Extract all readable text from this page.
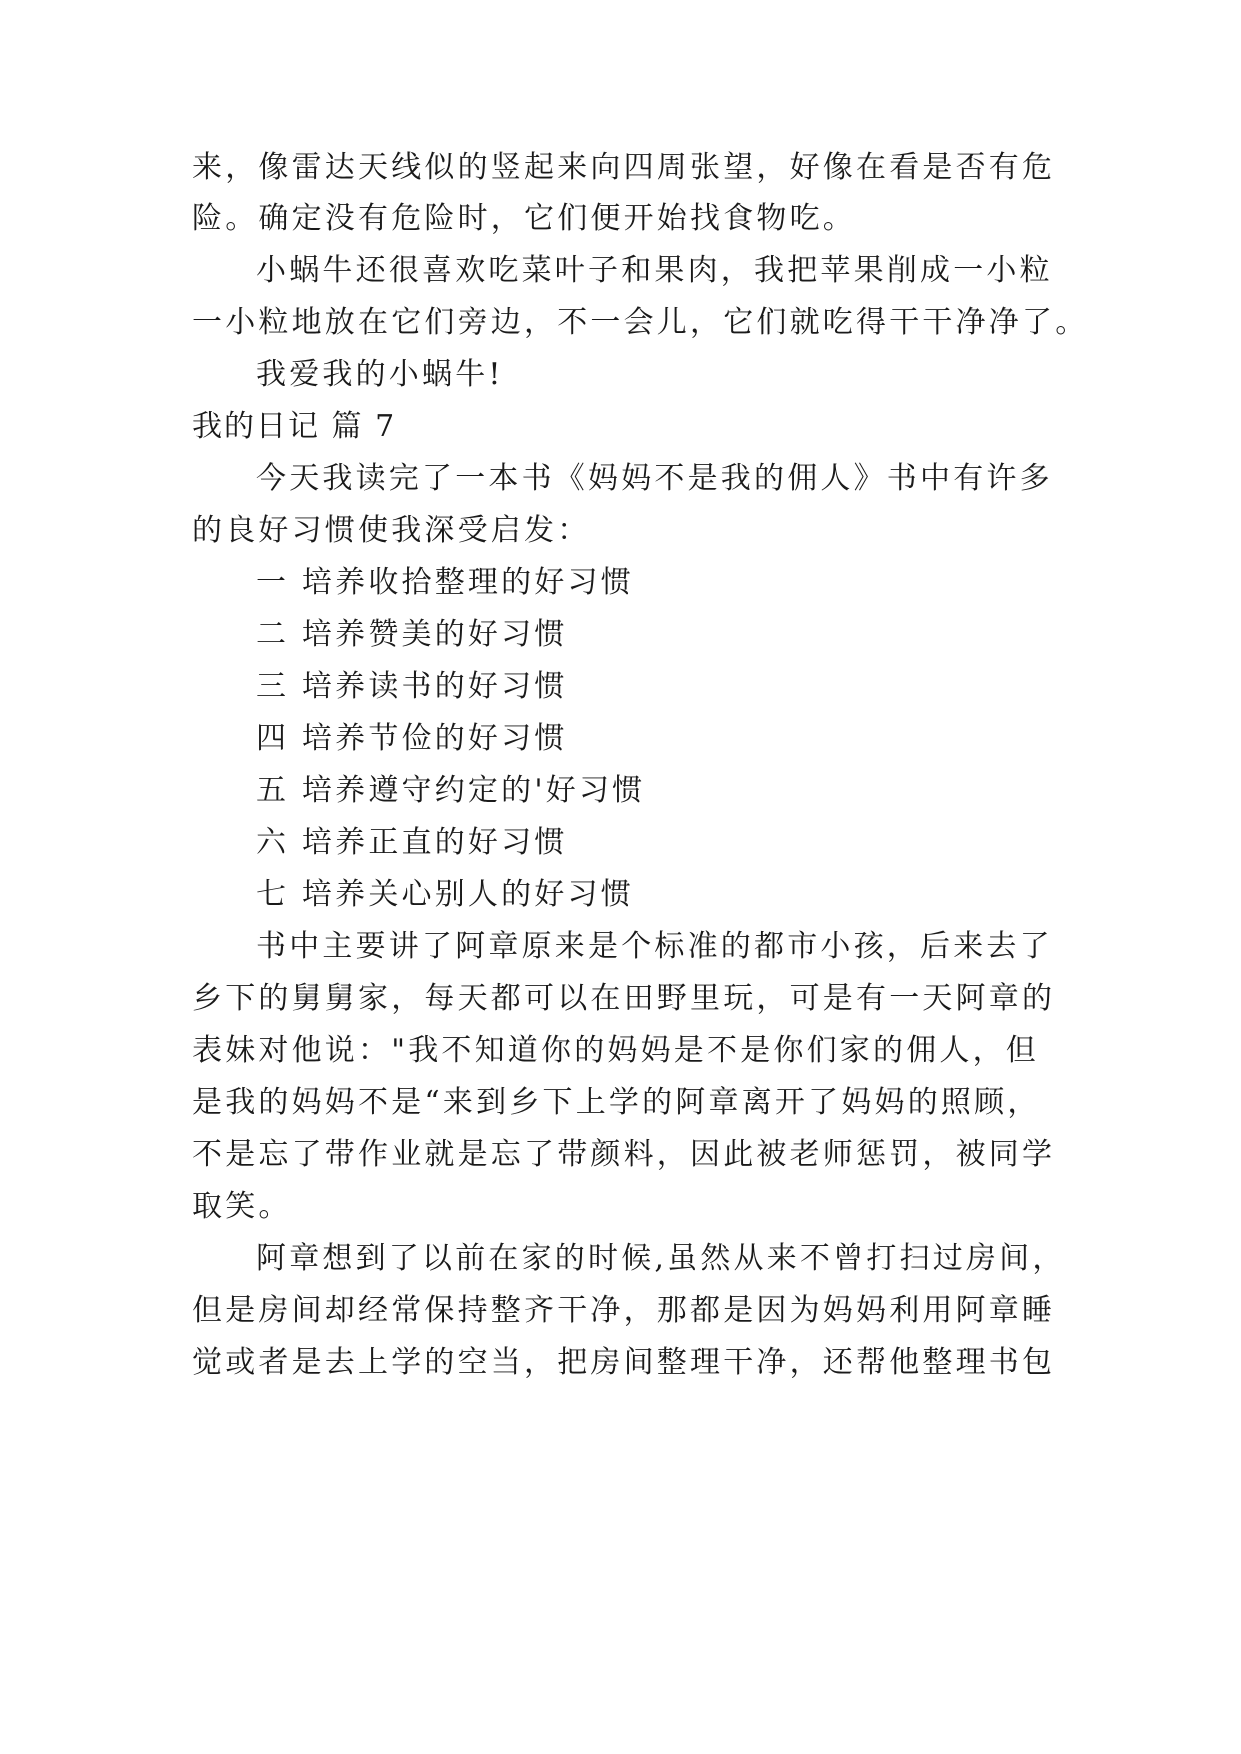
来，像雷达天线似的竖起来向四周张望，好像在看是否有危
险。确定没有危险时，它们便开始找食物吃。
小蜗牛还很喜欢吃菜叶子和果肉，我把苹果削成一小粒
一小粒地放在它们旁边，不一会儿，它们就吃得干干净净了。
我爱我的小蜗牛!
我的日记 篇 7
今天我读完了一本书《妈妈不是我的佣人》书中有许多
的良好习惯使我深受启发：
一 培养收拾整理的好习惯
二 培养赞美的好习惯
三 培养读书的好习惯
四 培养节俭的好习惯
五 培养遵守约定的'好习惯
六 培养正直的好习惯
七 培养关心别人的好习惯
书中主要讲了阿章原来是个标准的都市小孩，后来去了
乡下的舅舅家，每天都可以在田野里玩，可是有一天阿章的
表妹对他说："我不知道你的妈妈是不是你们家的佣人，但
是我的妈妈不是“来到乡下上学的阿章离开了妈妈的照顾，
不是忘了带作业就是忘了带颜料，因此被老师惩罚，被同学
取笑。
阿章想到了以前在家的时候,虽然从来不曾打扫过房间，
但是房间却经常保持整齐干净，那都是因为妈妈利用阿章睡
觉或者是去上学的空当，把房间整理干净，还帮他整理书包
